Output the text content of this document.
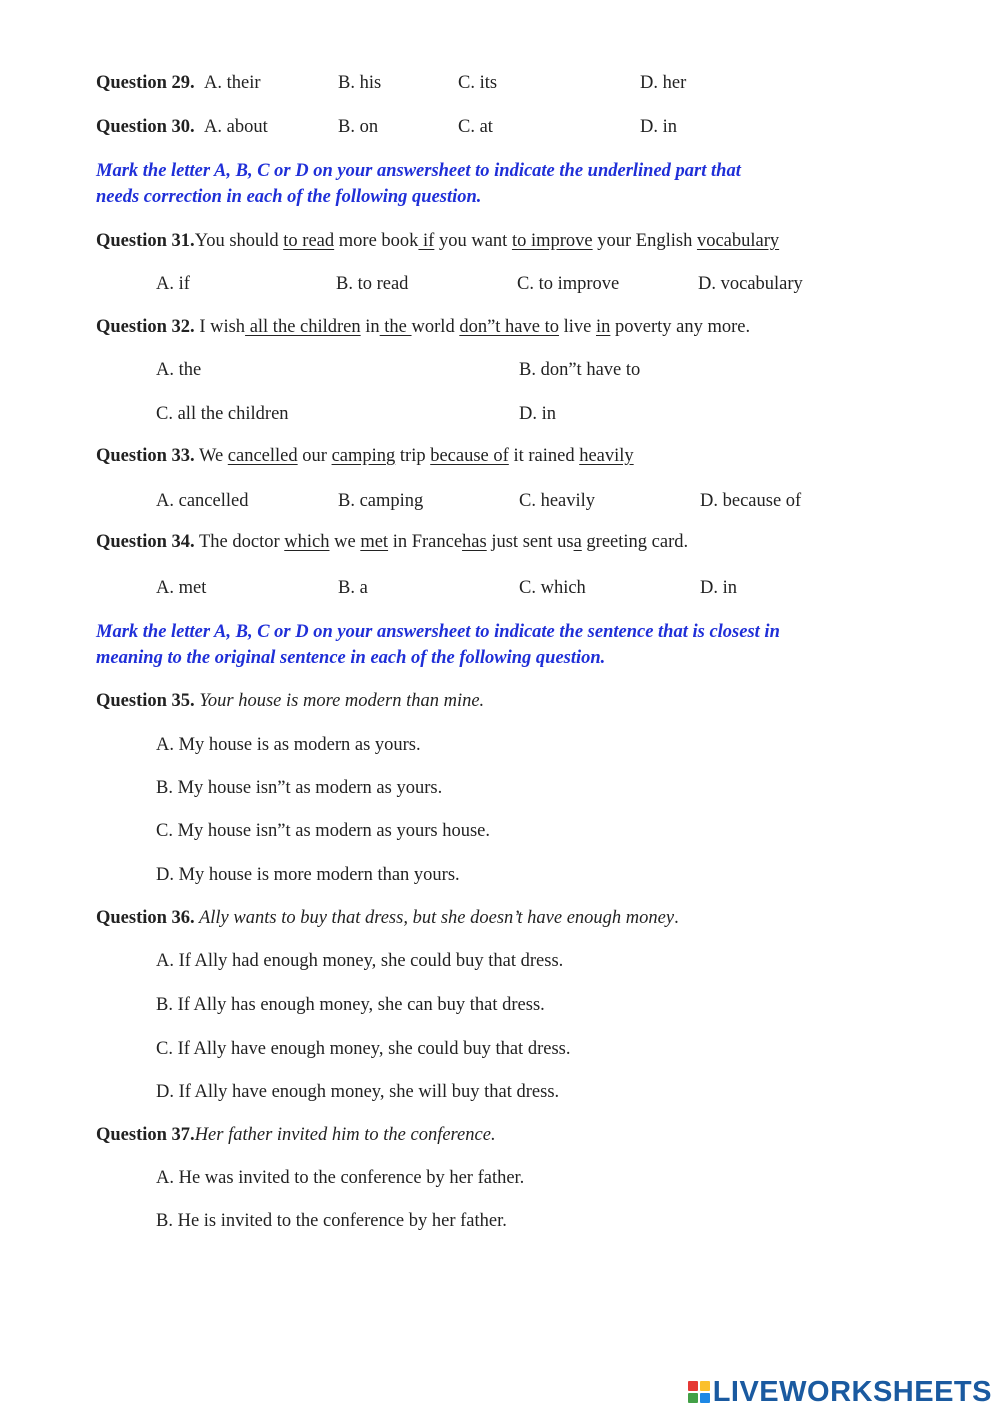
Question 29. A. their	B. his	C. its	D. her
Question 30. A. about	B. on	C. at	D. in
Mark the letter A, B, C or D on your answersheet to indicate the underlined part that
needs correction in each of the following question.
Question 31.You should to read more book if you want to improve your English vocabulary
A. if	B. to read	C. to improve	D. vocabulary
Question 32. I wish all the children in the world don”t have to live in poverty any more.
A. the	B. don”t have to
C. all the children	D. in
Question 33. We cancelled our camping trip because of it rained heavily
A. cancelled	B. camping	C. heavily	D. because of
Question 34. The doctor which we met in Francehas just sent usa greeting card.
A. met	B. a	C. which	D. in
Mark the letter A, B, C or D on your answersheet to indicate the sentence that is closest in
meaning to the original sentence in each of the following question.
Question 35. Your house is more modern than mine.
A. My house is as modern as yours.
B. My house isn”t as modern as yours.
C. My house isn”t as modern as yours house.
D. My house is more modern than yours.
Question 36. Ally wants to buy that dress, but she doesn’t have enough money.
A. If Ally had enough money, she could buy that dress.
B. If Ally has enough money, she can buy that dress.
C. If Ally have enough money, she could buy that dress.
D. If Ally have enough money, she will buy that dress.
Question 37.Her father invited him to the conference.
A. He was invited to the conference by her father.
B. He is invited to the conference by her father.
LIVEWORKSHEETS
